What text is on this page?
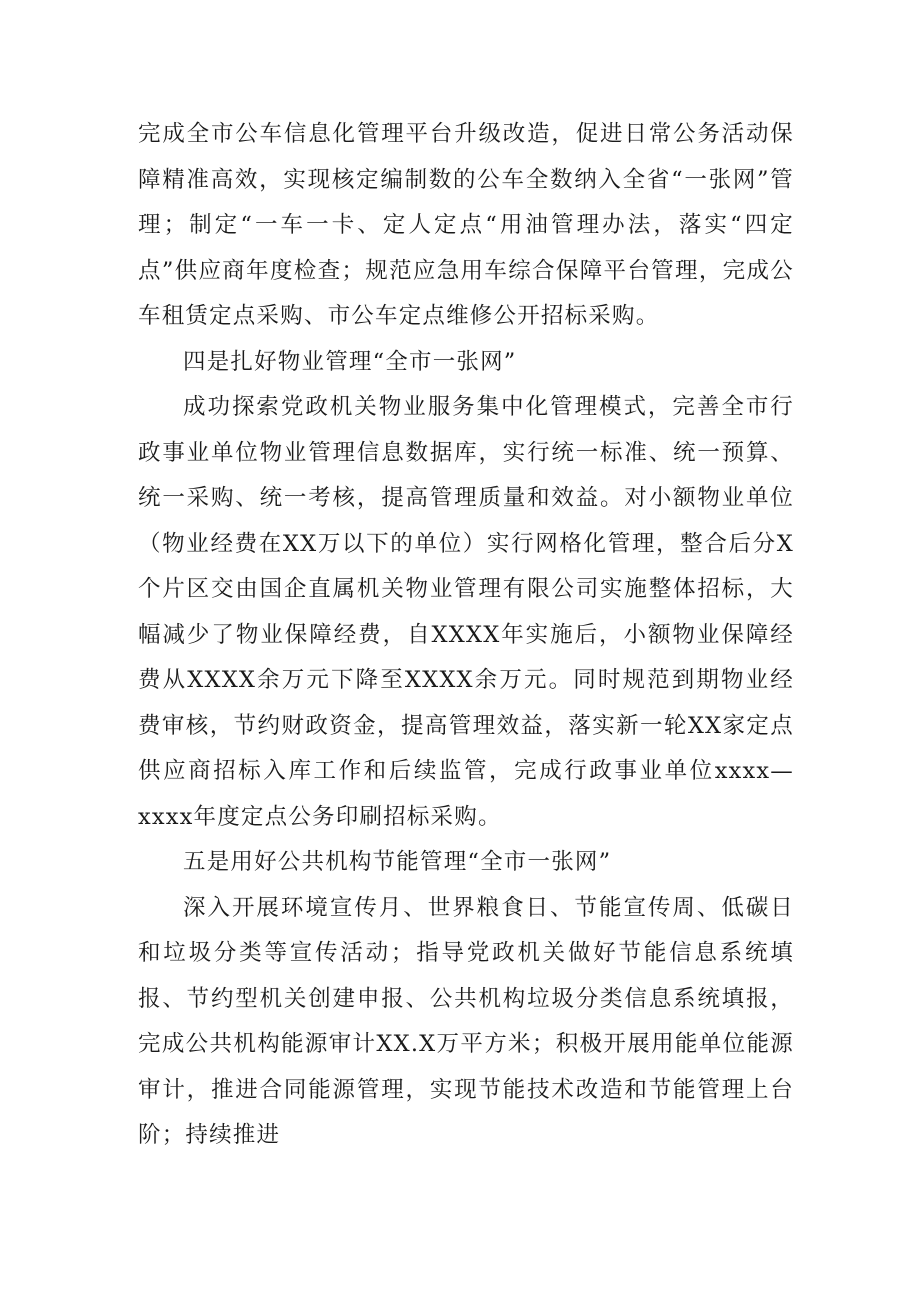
完成全市公车信息化管理平台升级改造，促进日常公务活动保障精准高效，实现核定编制数的公车全数纳入全省“一张网”管理；制定“一车一卡、定人定点“用油管理办法，落实“四定点”供应商年度检查；规范应急用车综合保障平台管理，完成公车租赁定点采购、市公车定点维修公开招标采购。

四是扎好物业管理“全市一张网”

成功探索党政机关物业服务集中化管理模式，完善全市行政事业单位物业管理信息数据库，实行统一标准、统一预算、统一采购、统一考核，提高管理质量和效益。对小额物业单位（物业经费在XX万以下的单位）实行网格化管理，整合后分X个片区交由国企直属机关物业管理有限公司实施整体招标，大幅减少了物业保障经费，自XXXX年实施后，小额物业保障经费从XXXX余万元下降至XXXX余万元。同时规范到期物业经费审核，节约财政资金，提高管理效益，落实新一轮XX家定点供应商招标入库工作和后续监管，完成行政事业单位xxxx—xxxx年度定点公务印刷招标采购。

五是用好公共机构节能管理“全市一张网”

深入开展环境宣传月、世界粮食日、节能宣传周、低碳日和垃圾分类等宣传活动；指导党政机关做好节能信息系统填报、节约型机关创建申报、公共机构垃圾分类信息系统填报，完成公共机构能源审计XX.X万平方米；积极开展用能单位能源审计，推进合同能源管理，实现节能技术改造和节能管理上台阶；持续推进
